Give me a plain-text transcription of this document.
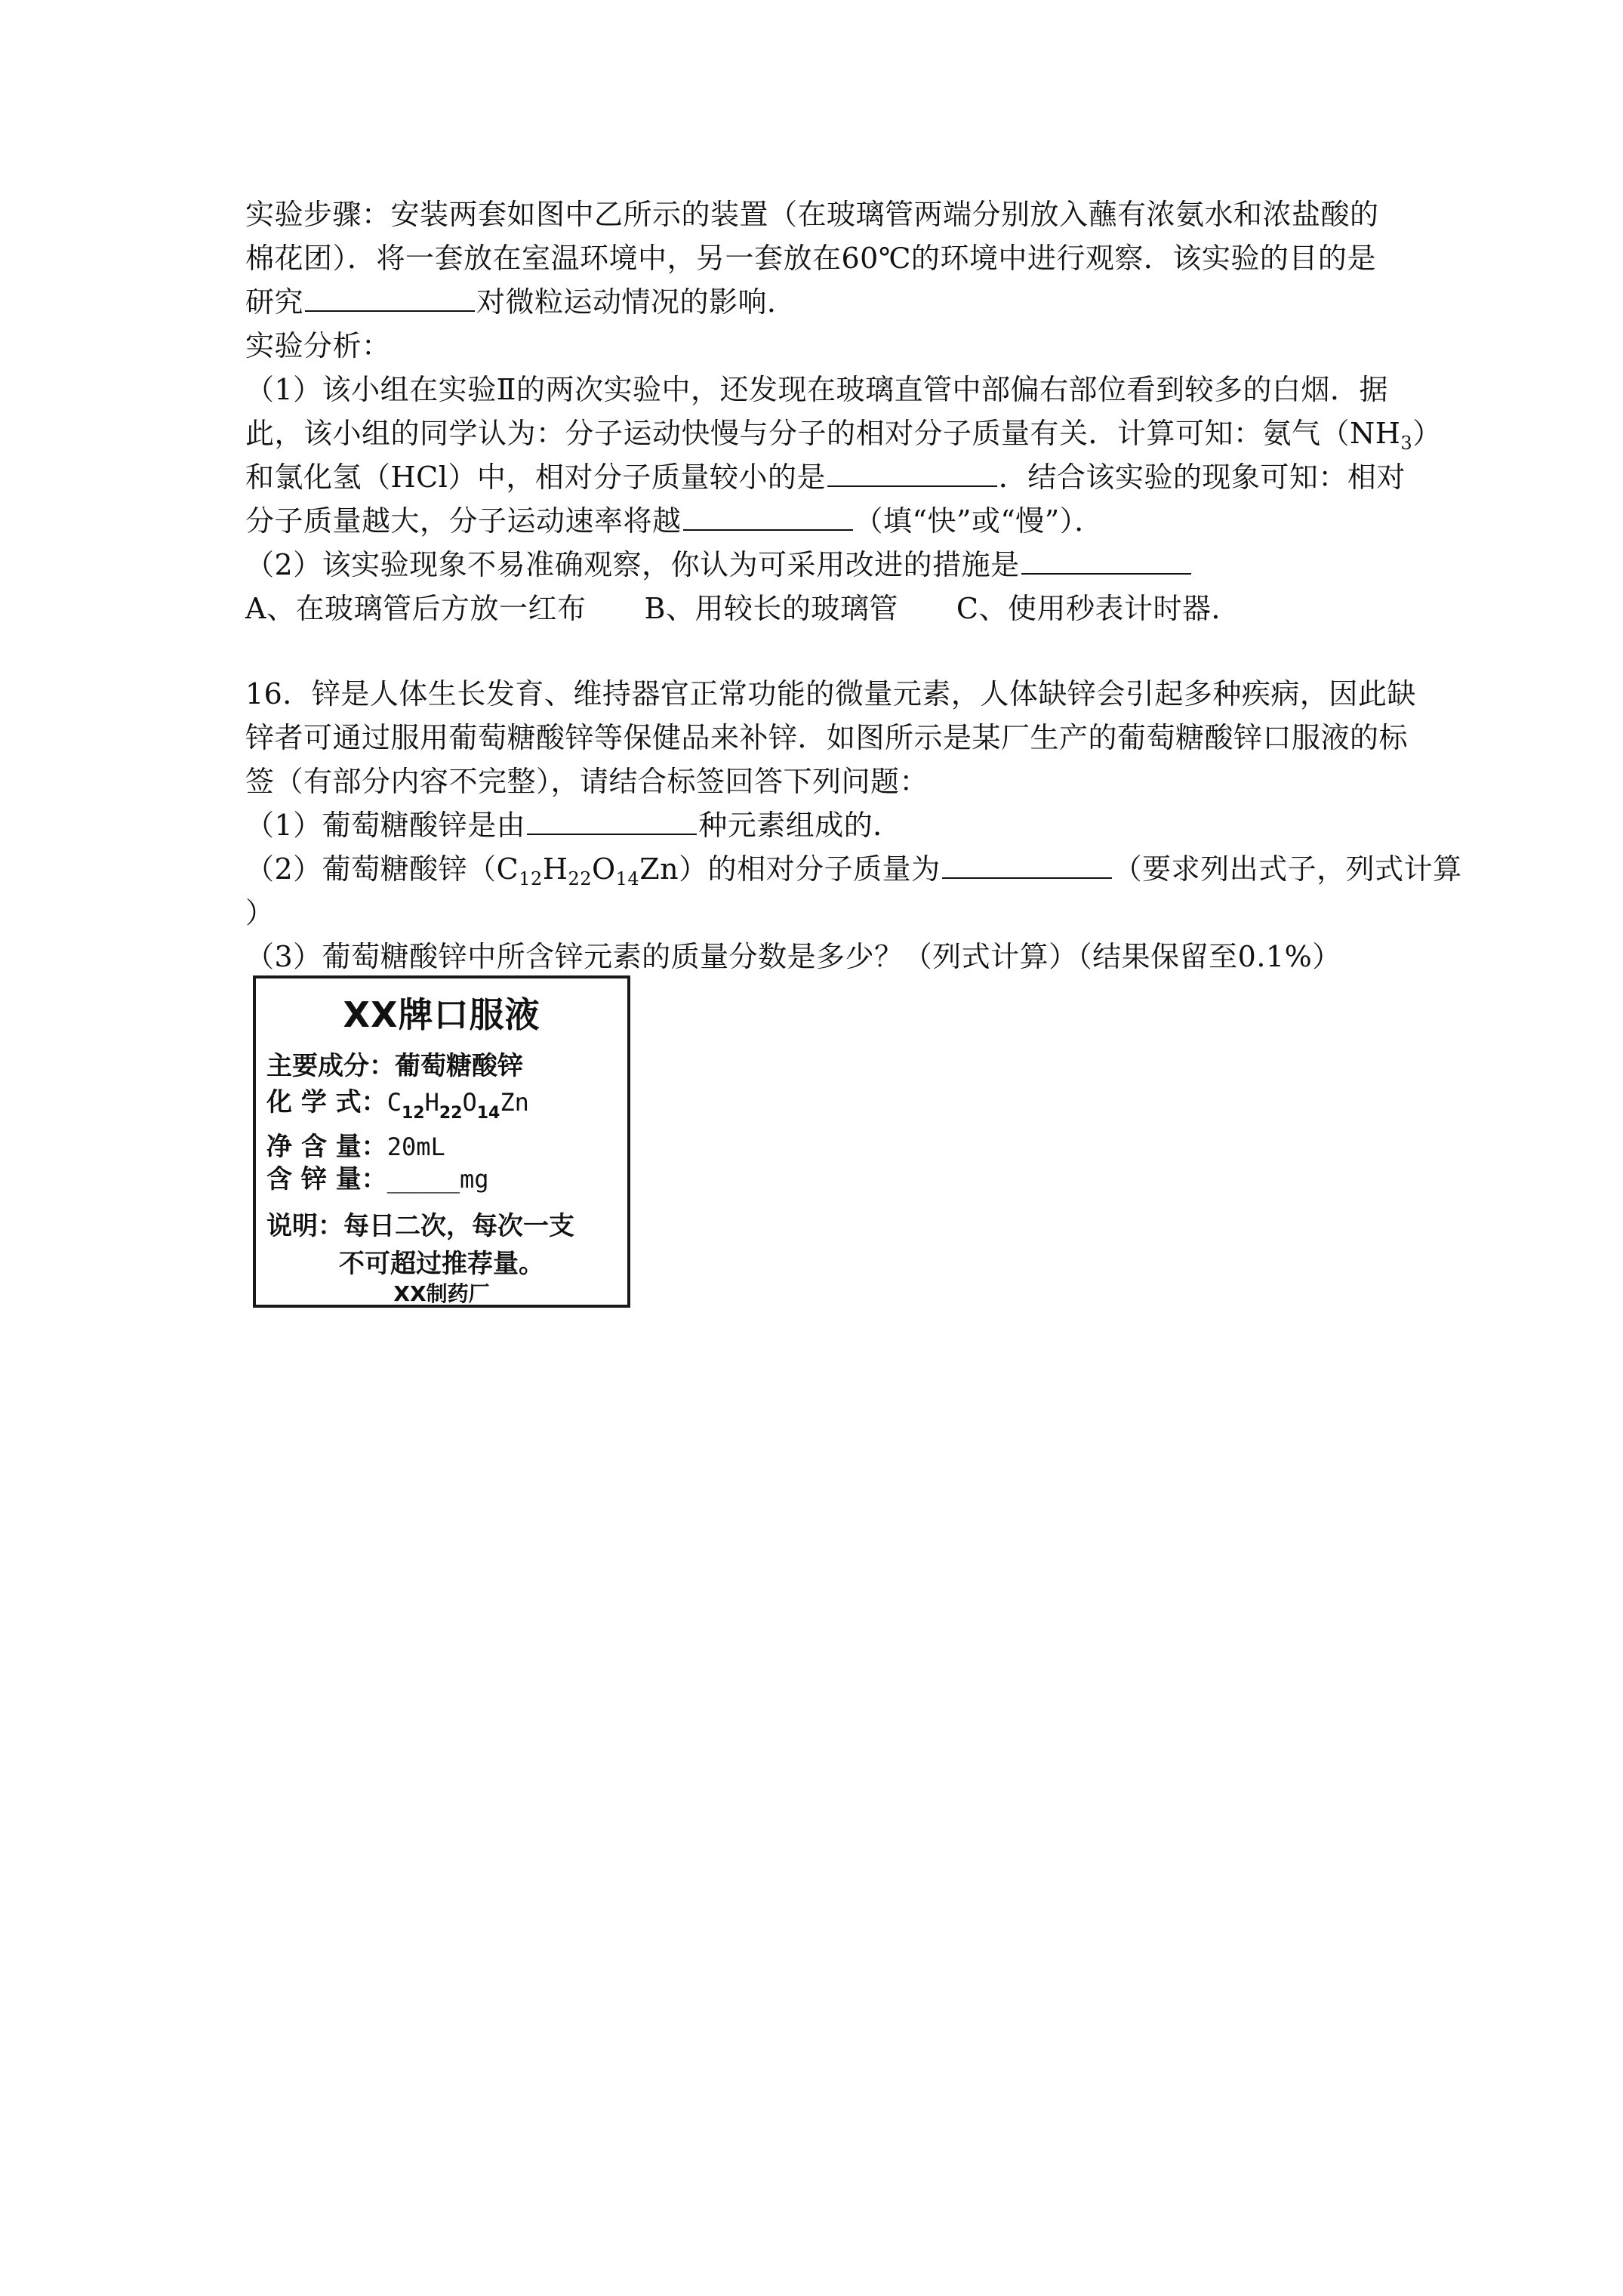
实验步骤：安装两套如图中乙所示的装置（在玻璃管两端分别放入蘸有浓氨水和浓盐酸的
棉花团）．将一套放在室温环境中，另一套放在60℃的环境中进行观察．该实验的目的是
研究	对微粒运动情况的影响．
实验分析：
（1）该小组在实验Ⅱ的两次实验中，还发现在玻璃直管中部偏右部位看到较多的白烟．据
此，该小组的同学认为：分子运动快慢与分子的相对分子质量有关．计算可知：氨气$(NH_3)$
和氯化氢（HCl）中，相对分子质量较小的是	．结合该实验的现象可知：相对
分子质量越大，分子运动速率将越	（填“快”或“慢”）．
（2）该实验现象不易准确观察，你认为可采用改进的措施是
A、在玻璃管后方放一红布　　B、用较长的玻璃管　　C、使用秒表计时器．
16．锌是人体生长发育、维持器官正常功能的微量元素，人体缺锌会引起多种疾病，因此缺
锌者可通过服用葡萄糖酸锌等保健品来补锌．如图所示是某厂生产的葡萄糖酸锌口服液的标
签（有部分内容不完整），请结合标签回答下列问题：
（1）葡萄糖酸锌是由	种元素组成的．
（2）葡萄糖酸锌$(C_{12}H_{22}O_{14}Zn)$的相对分子质量为	（要求列出式子，列式计算
）
（3）葡萄糖酸锌中所含锌元素的质量分数是多少？（列式计算）（结果保留至0.1%）
XX牌口服液
主要成分：葡萄糖酸锌
化 学 式：$C_{12}H_{22}O_{14}Zn$
净 含 量：20mL
含 锌 量：_____mg
说明：每日二次，每次一支
不可超过推荐量。
XX制药厂
